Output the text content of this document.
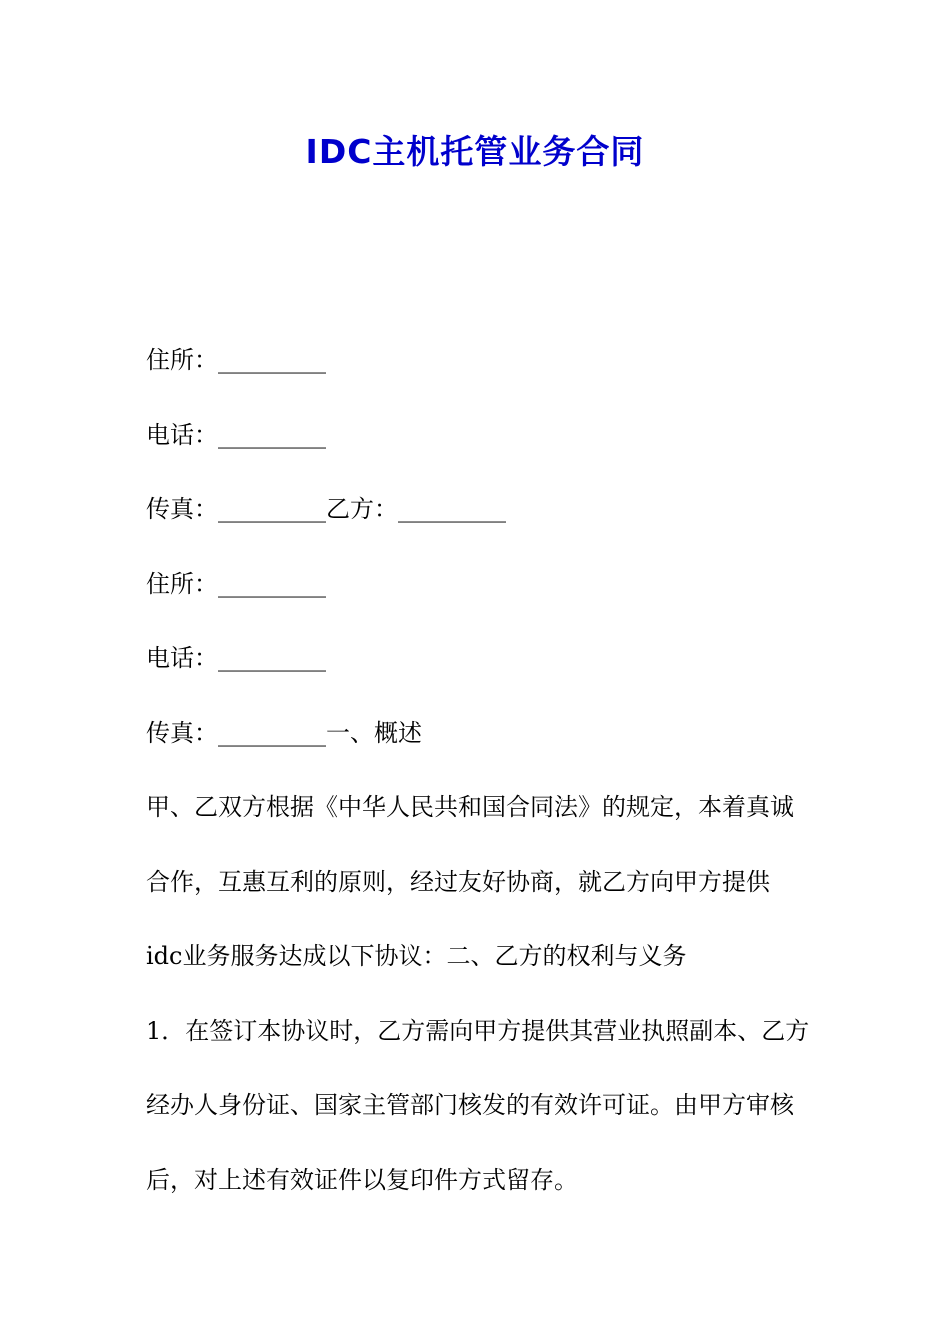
IDC主机托管业务合同
住所：_________
电话：_________
传真：_________乙方：_________
住所：_________
电话：_________
传真：_________一、概述
甲、乙双方根据《中华人民共和国合同法》的规定，本着真诚
合作，互惠互利的原则，经过友好协商，就乙方向甲方提供
idc业务服务达成以下协议：二、乙方的权利与义务
1．在签订本协议时，乙方需向甲方提供其营业执照副本、乙方
经办人身份证、国家主管部门核发的有效许可证。由甲方审核
后，对上述有效证件以复印件方式留存。
